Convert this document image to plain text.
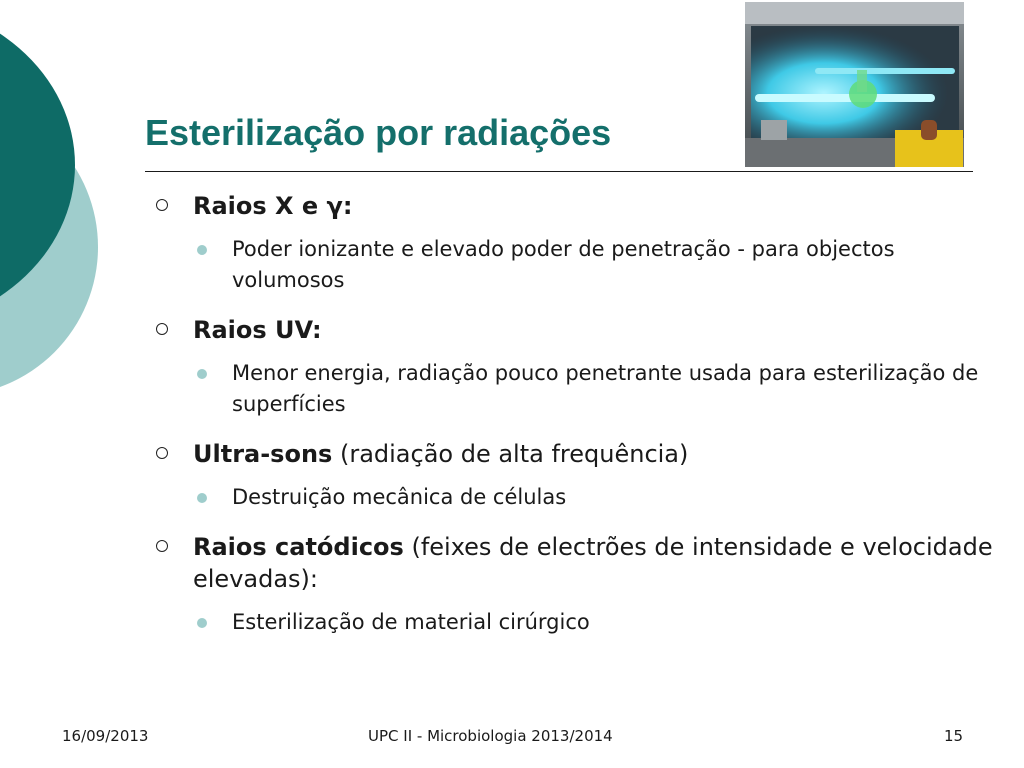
Esterilização por radiações
Raios X e γ:
Poder ionizante e elevado poder de penetração - para objectos volumosos
Raios UV:
Menor energia, radiação pouco penetrante usada para esterilização de superfícies
Ultra-sons (radiação de alta frequência)
Destruição mecânica de células
Raios catódicos (feixes de electrões de intensidade e velocidade elevadas):
Esterilização de material cirúrgico
16/09/2013	UPC II - Microbiologia 2013/2014	15
